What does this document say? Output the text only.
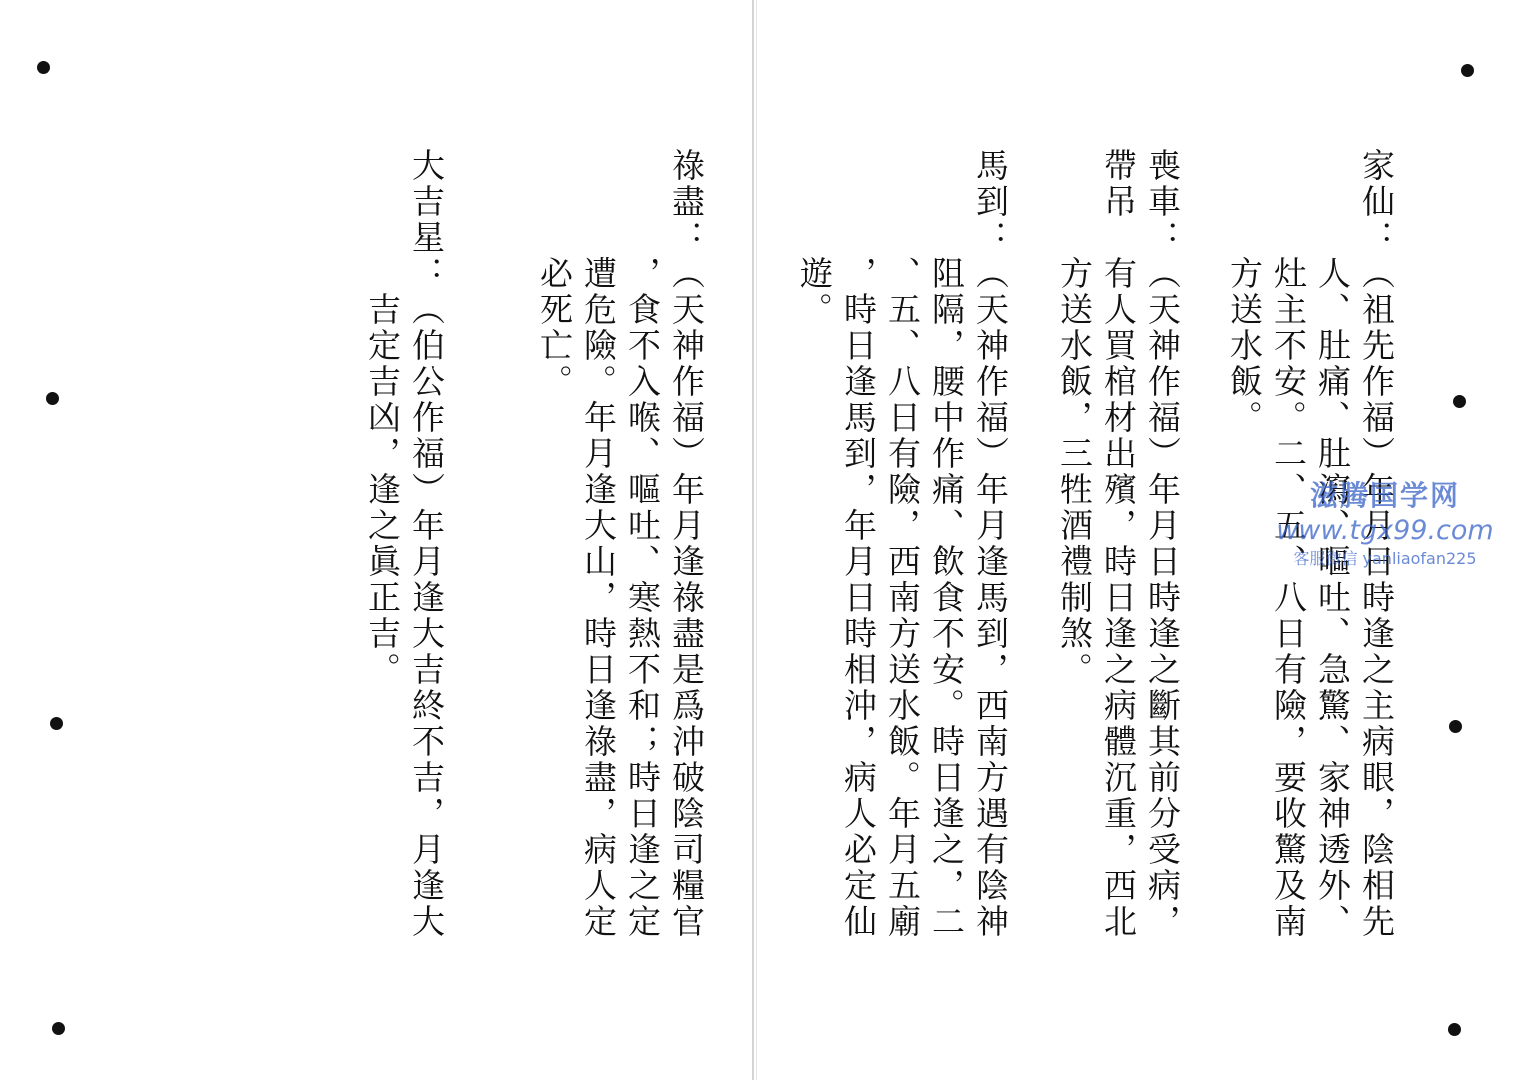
家仙：（祖先作福）年月日時逢之主病眼，陰相先
人、肚痛、肚瀉、嘔吐、急驚、家神透外、
灶主不安。二、五、八日有險，要收驚及南
方送水飯。
喪車：（天神作福）年月日時逢之斷其前分受病，
帶吊　有人買棺材出殯，時日逢之病體沉重，西北
方送水飯，三牲酒禮制煞。
馬到：（天神作福）年月逢馬到，西南方遇有陰神
阻隔，腰中作痛、飲食不安。時日逢之，二
、五、八日有險，西南方送水飯。年月五廟
，時日逢馬到，年月日時相沖，病人必定仙
遊。
祿盡：（天神作福）年月逢祿盡是爲沖破陰司糧官
，食不入喉、嘔吐、寒熱不和；時日逢之定
遭危險。年月逢大山，時日逢祿盡，病人定
必死亡。
大吉星：（伯公作福）年月逢大吉終不吉，月逢大
吉定吉凶，逢之眞正吉。	滋腾国学网
www.tgx99.com
客服微信 yanliaofan225
